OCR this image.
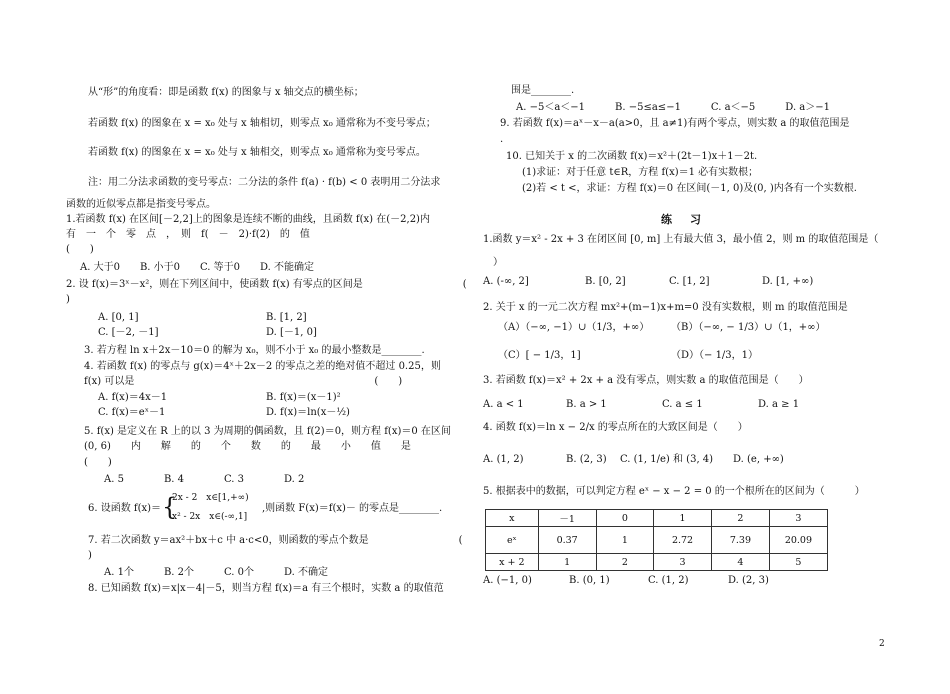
从“形”的角度看：即是函数 f(x) 的图象与 x 轴交点的横坐标；
若函数 f(x) 的图象在 x = x₀ 处与 x 轴相切，则零点 x₀ 通常称为不变号零点；
若函数 f(x) 的图象在 x = x₀ 处与 x 轴相交，则零点 x₀ 通常称为变号零点。
注：用二分法求函数的变号零点：二分法的条件 f(a) · f(b) < 0 表明用二分法求
函数的近似零点都是指变号零点。
1.若函数 f(x) 在区间[－2,2]上的图象是连续不断的曲线，且函数 f(x) 在(－2,2)内
有　一　个　零　点　，　则　f(　－　2)·f(2)　的　值
(　　)
A. 大于0　　B. 小于0　　C. 等于0　　D. 不能确定
2. 设 f(x)＝3ˣ－x²，则在下列区间中，使函数 f(x) 有零点的区间是　　　　　　　　　　(
)
A. [0, 1]	B. [1, 2]
C. [－2, －1]	D. [－1, 0]
3. 若方程 ln x＋2x－10＝0 的解为 x₀，则不小于 x₀ 的最小整数是________.
4. 若函数 f(x) 的零点与 g(x)＝4ˣ＋2x－2 的零点之差的绝对值不超过 0.25，则
f(x) 可以是　　　　　　　　　　　　　　　　　　　　　　　　(　　)
A. f(x)＝4x－1	B. f(x)＝(x－1)²
C. f(x)＝eˣ－1	D. f(x)＝ln(x－½)
5. f(x) 是定义在 R 上的以 3 为周期的偶函数，且 f(2)＝0，则方程 f(x)＝0 在区间
(0, 6)　　内　　解　　的　　个　　数　　的　　最　　小　　值　　是
(　　)
A. 5　　　　B. 4　　　　C. 3　　　　D. 2
6. 设函数 f(x)＝ {
2x - 2　x∈[1,+∞)
x² - 2x　x∈(-∞,1]
,则函数 F(x)＝f(x)－ 的零点是________.
7. 若二次函数 y＝ax²＋bx＋c 中 a·c<0，则函数的零点个数是　　　　　　　　　(
)
A. 1个　　　B. 2个　　　C. 0个　　　D. 不确定
8. 已知函数 f(x)＝x|x－4|－5，则当方程 f(x)＝a 有三个根时，实数 a 的取值范
围是________.
A. −5＜a＜−1　　　B. −5≤a≤−1　　　C. a＜−5　　　D. a＞−1
9. 若函数 f(x)＝aˣ－x－a(a>0，且 a≠1)有两个零点，则实数 a 的取值范围是
.
10. 已知关于 x 的二次函数 f(x)＝x²＋(2t－1)x＋1－2t.
(1)求证：对于任意 t∈R，方程 f(x)＝1 必有实数根；
(2)若 < t <，求证：方程 f(x)＝0 在区间(－1, 0)及(0, )内各有一个实数根.
练习
1.函数 y＝x² - 2x + 3 在闭区间 [0, m] 上有最大值 3，最小值 2，则 m 的取值范围是（
）
A. (-∞, 2]	B. [0, 2]	C. [1, 2]	D. [1, +∞)
2. 关于 x 的一元二次方程 mx²+(m−1)x+m=0 没有实数根，则 m 的取值范围是
（A）（−∞, −1）∪（1/3，+∞） （B）（−∞, − 1/3）∪（1，+∞）
（C）[ − 1/3，1]	（D）（− 1/3，1）
3. 若函数 f(x)＝x² + 2x + a 没有零点，则实数 a 的取值范围是（　　）
A. a < 1	B. a > 1	C. a ≤ 1	D. a ≥ 1
4. 函数 f(x)＝ln x − 2/x 的零点所在的大致区间是（　　）
A. (1, 2)	B. (2, 3) C. (1, 1/e) 和 (3, 4) D. (e, +∞)
5. 根据表中的数据，可以判定方程 eˣ − x − 2 = 0 的一个根所在的区间为（　　　）
x	－1	0	1	2	3
eˣ	0.37	1	2.72	7.39	20.09
x + 2	1	2	3	4	5
A. (−1, 0)	B. (0, 1)	C. (1, 2)	D. (2, 3)
2
